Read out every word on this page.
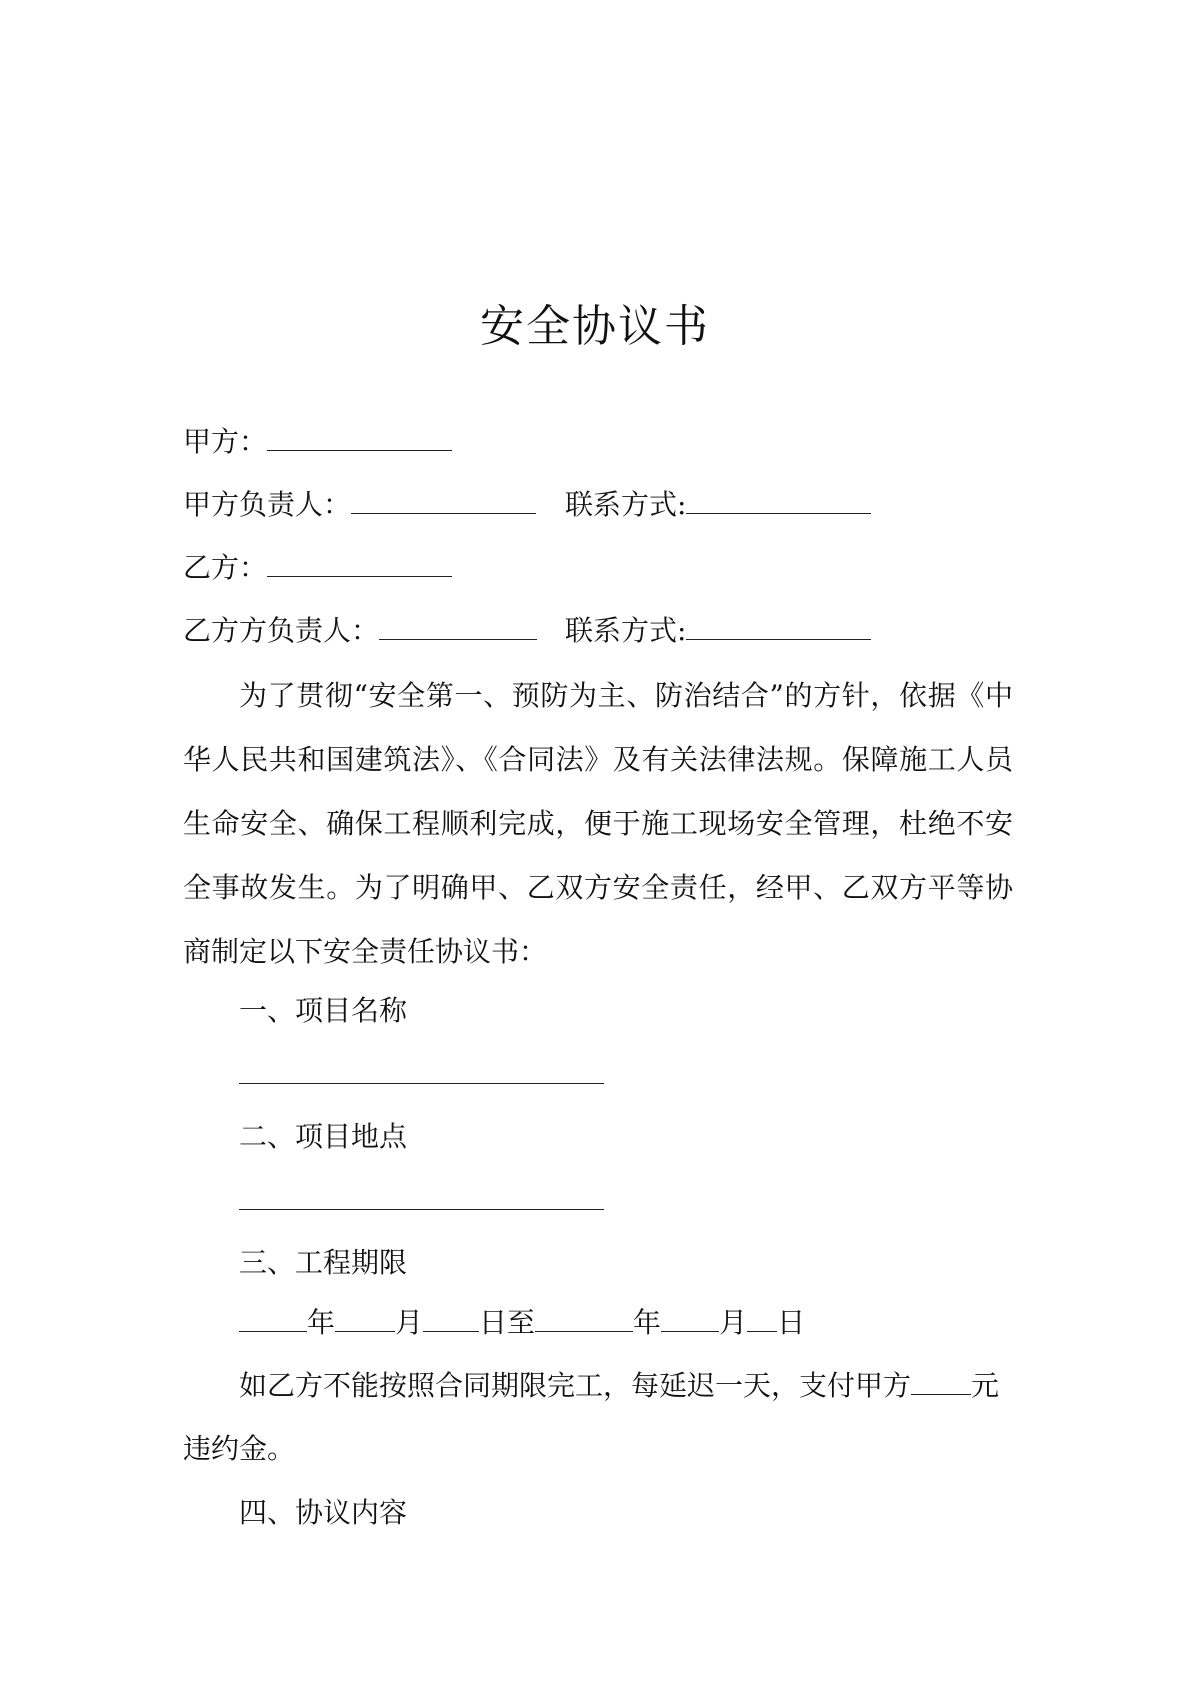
安全协议书
甲方：
甲方负责人：	联系方式:
乙方：
乙方方负责人：	联系方式:
为了贯彻“安全第一、预防为主、防治结合”的方针，依据《中华人民共和国建筑法》、《合同法》及有关法律法规。保障施工人员生命安全、确保工程顺利完成，便于施工现场安全管理，杜绝不安全事故发生。为了明确甲、乙双方安全责任，经甲、乙双方平等协商制定以下安全责任协议书：
一、项目名称
二、项目地点
三、工程期限
年 月 日至	年 月 日
如乙方不能按照合同期限完工，每延迟一天，支付甲方 元
违约金。
四、协议内容
